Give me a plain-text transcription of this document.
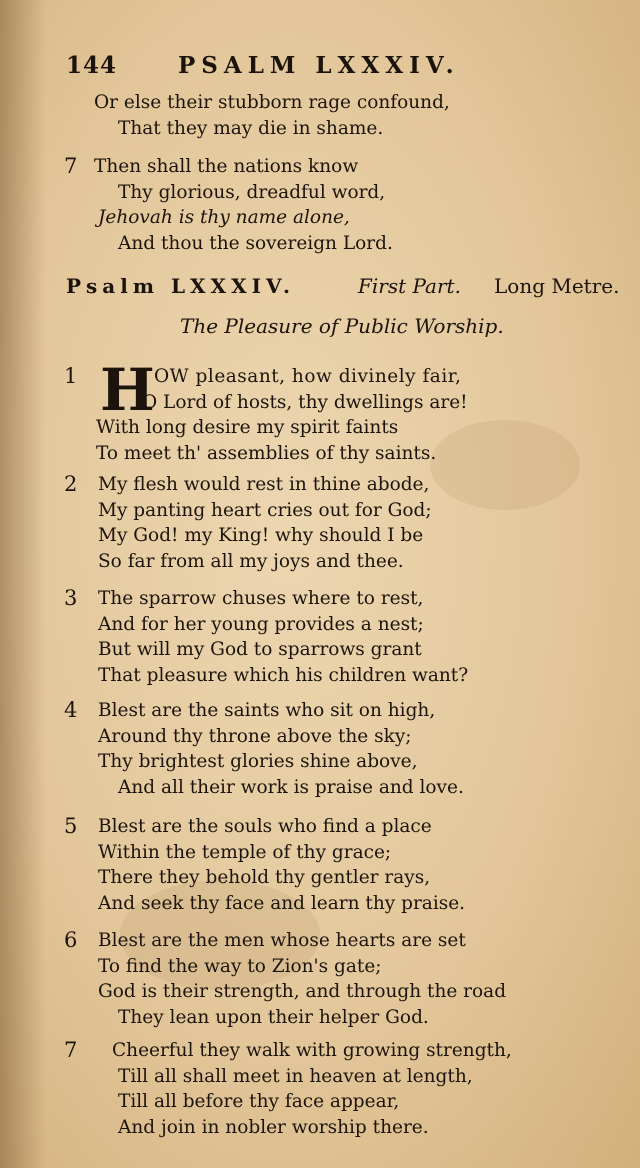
144	PSALM LXXXIV.
Or else their stubborn rage confound,
That they may die in shame.
7 Then shall the nations know
Thy glorious, dreadful word,
Jehovah is thy name alone,
And thou the sovereign Lord.
Psalm LXXXIV.	First Part. Long Metre.
The Pleasure of Public Worship.
1 H OW pleasant, how divinely fair,
O Lord of hosts, thy dwellings are!
With long desire my spirit faints
To meet th' assemblies of thy saints.
2	My flesh would rest in thine abode,
My panting heart cries out for God;
My God! my King! why should I be
So far from all my joys and thee.
3	The sparrow chuses where to rest,
And for her young provides a nest;
But will my God to sparrows grant
That pleasure which his children want?
4	Blest are the saints who sit on high,
Around thy throne above the sky;
Thy brightest glories shine above,
And all their work is praise and love.
5	Blest are the souls who find a place
Within the temple of thy grace;
There they behold thy gentler rays,
And seek thy face and learn thy praise.
6	Blest are the men whose hearts are set
To find the way to Zion's gate;
God is their strength, and through the road
They lean upon their helper God.
7	Cheerful they walk with growing strength,
Till all shall meet in heaven at length,
Till all before thy face appear,
And join in nobler worship there.
